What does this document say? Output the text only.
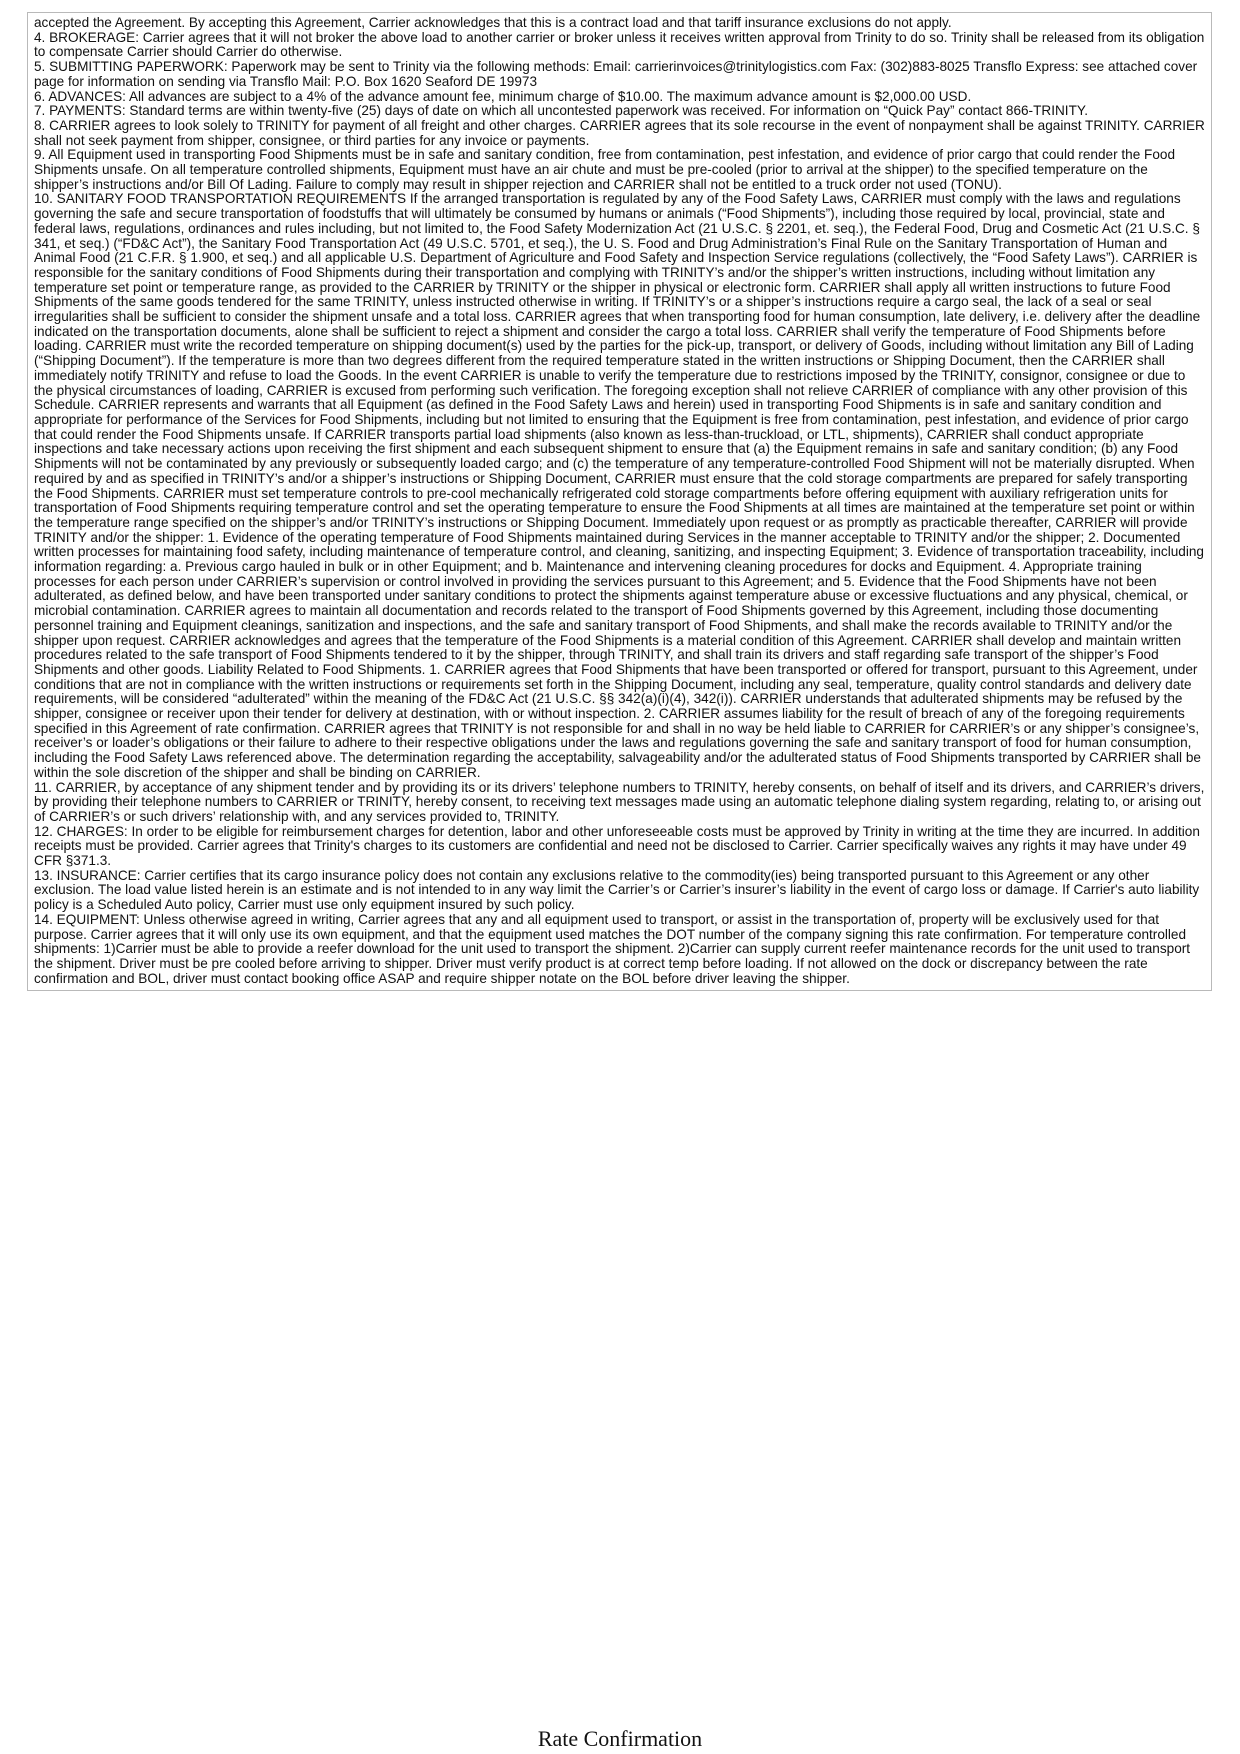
accepted the Agreement. By accepting this Agreement, Carrier acknowledges that this is a contract load and that tariff insurance exclusions do not apply.

4. BROKERAGE: Carrier agrees that it will not broker the above load to another carrier or broker unless it receives written approval from Trinity to do so. Trinity shall be released from its obligation to compensate Carrier should Carrier do otherwise.

5. SUBMITTING PAPERWORK: Paperwork may be sent to Trinity via the following methods: Email: carrierinvoices@trinitylogistics.com Fax: (302)883-8025 Transflo Express: see attached cover page for information on sending via Transflo Mail: P.O. Box 1620 Seaford DE 19973

6. ADVANCES: All advances are subject to a 4% of the advance amount fee, minimum charge of $10.00. The maximum advance amount is $2,000.00 USD.

7. PAYMENTS: Standard terms are within twenty-five (25) days of date on which all uncontested paperwork was received. For information on “Quick Pay” contact 866-TRINITY.

8. CARRIER agrees to look solely to TRINITY for payment of all freight and other charges. CARRIER agrees that its sole recourse in the event of nonpayment shall be against TRINITY. CARRIER shall not seek payment from shipper, consignee, or third parties for any invoice or payments.

9. All Equipment used in transporting Food Shipments must be in safe and sanitary condition, free from contamination, pest infestation, and evidence of prior cargo that could render the Food Shipments unsafe. On all temperature controlled shipments, Equipment must have an air chute and must be pre-cooled (prior to arrival at the shipper) to the specified temperature on the shipper’s instructions and/or Bill Of Lading. Failure to comply may result in shipper rejection and CARRIER shall not be entitled to a truck order not used (TONU).

10. SANITARY FOOD TRANSPORTATION REQUIREMENTS If the arranged transportation is regulated by any of the Food Safety Laws, CARRIER must comply with the laws and regulations governing the safe and secure transportation of foodstuffs that will ultimately be consumed by humans or animals (“Food Shipments”), including those required by local, provincial, state and federal laws, regulations, ordinances and rules including, but not limited to, the Food Safety Modernization Act (21 U.S.C. § 2201, et. seq.), the Federal Food, Drug and Cosmetic Act (21 U.S.C. § 341, et seq.) (“FD&C Act”), the Sanitary Food Transportation Act (49 U.S.C. 5701, et seq.), the U. S. Food and Drug Administration’s Final Rule on the Sanitary Transportation of Human and Animal Food (21 C.F.R. § 1.900, et seq.) and all applicable U.S. Department of Agriculture and Food Safety and Inspection Service regulations (collectively, the “Food Safety Laws”). CARRIER is responsible for the sanitary conditions of Food Shipments during their transportation and complying with TRINITY’s and/or the shipper’s written instructions, including without limitation any temperature set point or temperature range, as provided to the CARRIER by TRINITY or the shipper in physical or electronic form. CARRIER shall apply all written instructions to future Food Shipments of the same goods tendered for the same TRINITY, unless instructed otherwise in writing. If TRINITY’s or a shipper’s instructions require a cargo seal, the lack of a seal or seal irregularities shall be sufficient to consider the shipment unsafe and a total loss. CARRIER agrees that when transporting food for human consumption, late delivery, i.e. delivery after the deadline indicated on the transportation documents, alone shall be sufficient to reject a shipment and consider the cargo a total loss. CARRIER shall verify the temperature of Food Shipments before loading. CARRIER must write the recorded temperature on shipping document(s) used by the parties for the pick-up, transport, or delivery of Goods, including without limitation any Bill of Lading (“Shipping Document”). If the temperature is more than two degrees different from the required temperature stated in the written instructions or Shipping Document, then the CARRIER shall immediately notify TRINITY and refuse to load the Goods. In the event CARRIER is unable to verify the temperature due to restrictions imposed by the TRINITY, consignor, consignee or due to the physical circumstances of loading, CARRIER is excused from performing such verification. The foregoing exception shall not relieve CARRIER of compliance with any other provision of this Schedule. CARRIER represents and warrants that all Equipment (as defined in the Food Safety Laws and herein) used in transporting Food Shipments is in safe and sanitary condition and appropriate for performance of the Services for Food Shipments, including but not limited to ensuring that the Equipment is free from contamination, pest infestation, and evidence of prior cargo that could render the Food Shipments unsafe. If CARRIER transports partial load shipments (also known as less-than-truckload, or LTL, shipments), CARRIER shall conduct appropriate inspections and take necessary actions upon receiving the first shipment and each subsequent shipment to ensure that (a) the Equipment remains in safe and sanitary condition; (b) any Food Shipments will not be contaminated by any previously or subsequently loaded cargo; and (c) the temperature of any temperature-controlled Food Shipment will not be materially disrupted. When required by and as specified in TRINITY’s and/or a shipper’s instructions or Shipping Document, CARRIER must ensure that the cold storage compartments are prepared for safely transporting the Food Shipments. CARRIER must set temperature controls to pre-cool mechanically refrigerated cold storage compartments before offering equipment with auxiliary refrigeration units for transportation of Food Shipments requiring temperature control and set the operating temperature to ensure the Food Shipments at all times are maintained at the temperature set point or within the temperature range specified on the shipper’s and/or TRINITY’s instructions or Shipping Document. Immediately upon request or as promptly as practicable thereafter, CARRIER will provide TRINITY and/or the shipper: 1. Evidence of the operating temperature of Food Shipments maintained during Services in the manner acceptable to TRINITY and/or the shipper; 2. Documented written processes for maintaining food safety, including maintenance of temperature control, and cleaning, sanitizing, and inspecting Equipment; 3. Evidence of transportation traceability, including information regarding: a. Previous cargo hauled in bulk or in other Equipment; and b. Maintenance and intervening cleaning procedures for docks and Equipment. 4. Appropriate training processes for each person under CARRIER’s supervision or control involved in providing the services pursuant to this Agreement; and 5. Evidence that the Food Shipments have not been adulterated, as defined below, and have been transported under sanitary conditions to protect the shipments against temperature abuse or excessive fluctuations and any physical, chemical, or microbial contamination. CARRIER agrees to maintain all documentation and records related to the transport of Food Shipments governed by this Agreement, including those documenting personnel training and Equipment cleanings, sanitization and inspections, and the safe and sanitary transport of Food Shipments, and shall make the records available to TRINITY and/or the shipper upon request. CARRIER acknowledges and agrees that the temperature of the Food Shipments is a material condition of this Agreement. CARRIER shall develop and maintain written procedures related to the safe transport of Food Shipments tendered to it by the shipper, through TRINITY, and shall train its drivers and staff regarding safe transport of the shipper’s Food Shipments and other goods. Liability Related to Food Shipments. 1. CARRIER agrees that Food Shipments that have been transported or offered for transport, pursuant to this Agreement, under conditions that are not in compliance with the written instructions or requirements set forth in the Shipping Document, including any seal, temperature, quality control standards and delivery date requirements, will be considered “adulterated” within the meaning of the FD&C Act (21 U.S.C. §§ 342(a)(i)(4), 342(i)). CARRIER understands that adulterated shipments may be refused by the shipper, consignee or receiver upon their tender for delivery at destination, with or without inspection. 2. CARRIER assumes liability for the result of breach of any of the foregoing requirements specified in this Agreement of rate confirmation. CARRIER agrees that TRINITY is not responsible for and shall in no way be held liable to CARRIER for CARRIER’s or any shipper’s consignee’s, receiver’s or loader’s obligations or their failure to adhere to their respective obligations under the laws and regulations governing the safe and sanitary transport of food for human consumption, including the Food Safety Laws referenced above. The determination regarding the acceptability, salvageability and/or the adulterated status of Food Shipments transported by CARRIER shall be within the sole discretion of the shipper and shall be binding on CARRIER.

11. CARRIER, by acceptance of any shipment tender and by providing its or its drivers’ telephone numbers to TRINITY, hereby consents, on behalf of itself and its drivers, and CARRIER’s drivers, by providing their telephone numbers to CARRIER or TRINITY, hereby consent, to receiving text messages made using an automatic telephone dialing system regarding, relating to, or arising out of CARRIER’s or such drivers’ relationship with, and any services provided to, TRINITY.

12. CHARGES: In order to be eligible for reimbursement charges for detention, labor and other unforeseeable costs must be approved by Trinity in writing at the time they are incurred. In addition receipts must be provided. Carrier agrees that Trinity's charges to its customers are confidential and need not be disclosed to Carrier. Carrier specifically waives any rights it may have under 49 CFR §371.3.

13. INSURANCE: Carrier certifies that its cargo insurance policy does not contain any exclusions relative to the commodity(ies) being transported pursuant to this Agreement or any other exclusion. The load value listed herein is an estimate and is not intended to in any way limit the Carrier’s or Carrier’s insurer’s liability in the event of cargo loss or damage. If Carrier's auto liability policy is a Scheduled Auto policy, Carrier must use only equipment insured by such policy.

14. EQUIPMENT: Unless otherwise agreed in writing, Carrier agrees that any and all equipment used to transport, or assist in the transportation of, property will be exclusively used for that purpose. Carrier agrees that it will only use its own equipment, and that the equipment used matches the DOT number of the company signing this rate confirmation. For temperature controlled shipments: 1)Carrier must be able to provide a reefer download for the unit used to transport the shipment. 2)Carrier can supply current reefer maintenance records for the unit used to transport the shipment. Driver must be pre cooled before arriving to shipper. Driver must verify product is at correct temp before loading. If not allowed on the dock or discrepancy between the rate confirmation and BOL, driver must contact booking office ASAP and require shipper notate on the BOL before driver leaving the shipper.

Rate Confirmation
